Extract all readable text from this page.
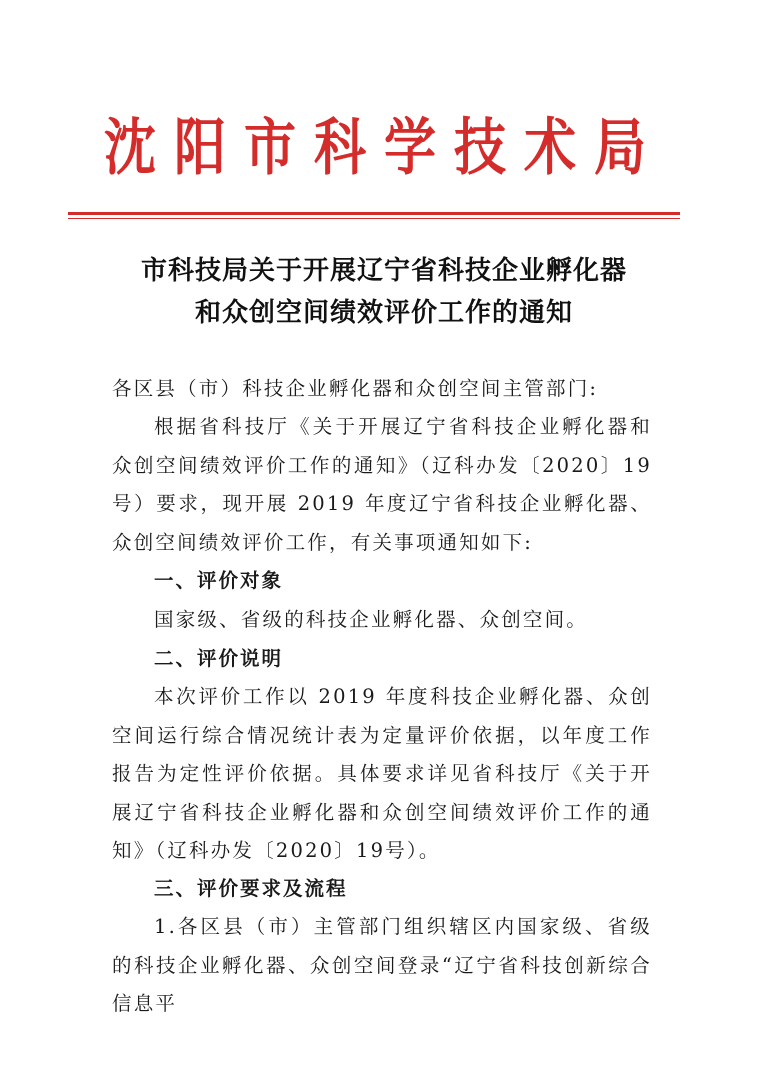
沈阳市科学技术局
市科技局关于开展辽宁省科技企业孵化器
和众创空间绩效评价工作的通知

各区县（市）科技企业孵化器和众创空间主管部门:

根据省科技厅《关于开展辽宁省科技企业孵化器和众创空间绩效评价工作的通知》（辽科办发〔2020〕19号）要求，现开展 2019 年度辽宁省科技企业孵化器、众创空间绩效评价工作，有关事项通知如下:

一、评价对象

国家级、省级的科技企业孵化器、众创空间。

二、评价说明

本次评价工作以 2019 年度科技企业孵化器、众创空间运行综合情况统计表为定量评价依据，以年度工作报告为定性评价依据。具体要求详见省科技厅《关于开展辽宁省科技企业孵化器和众创空间绩效评价工作的通知》（辽科办发〔2020〕19号）。

三、评价要求及流程

1.各区县（市）主管部门组织辖区内国家级、省级的科技企业孵化器、众创空间登录“辽宁省科技创新综合信息平
